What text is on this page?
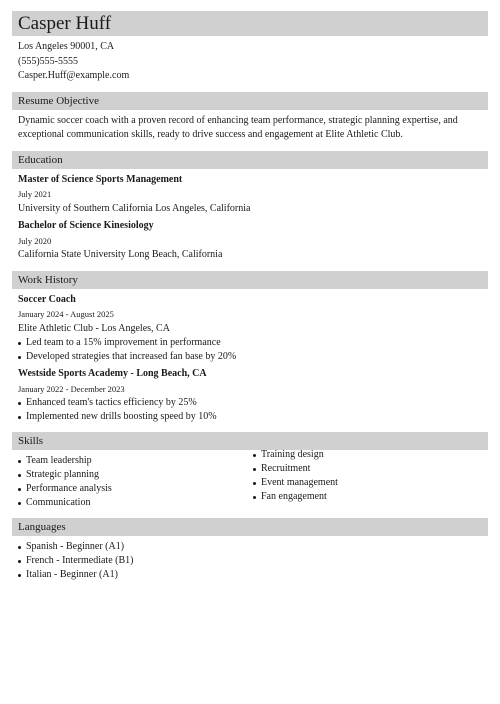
Casper Huff
Los Angeles 90001, CA
(555)555-5555
Casper.Huff@example.com
Resume Objective
Dynamic soccer coach with a proven record of enhancing team performance, strategic planning expertise, and exceptional communication skills, ready to drive success and engagement at Elite Athletic Club.
Education
Master of Science Sports Management
July 2021
University of Southern California Los Angeles, California
Bachelor of Science Kinesiology
July 2020
California State University Long Beach, California
Work History
Soccer Coach
January 2024 - August 2025
Elite Athletic Club - Los Angeles, CA
Led team to a 15% improvement in performance
Developed strategies that increased fan base by 20%
Westside Sports Academy - Long Beach, CA
January 2022 - December 2023
Enhanced team's tactics efficiency by 25%
Implemented new drills boosting speed by 10%
Skills
Team leadership
Strategic planning
Performance analysis
Communication
Training design
Recruitment
Event management
Fan engagement
Languages
Spanish - Beginner (A1)
French - Intermediate (B1)
Italian - Beginner (A1)
